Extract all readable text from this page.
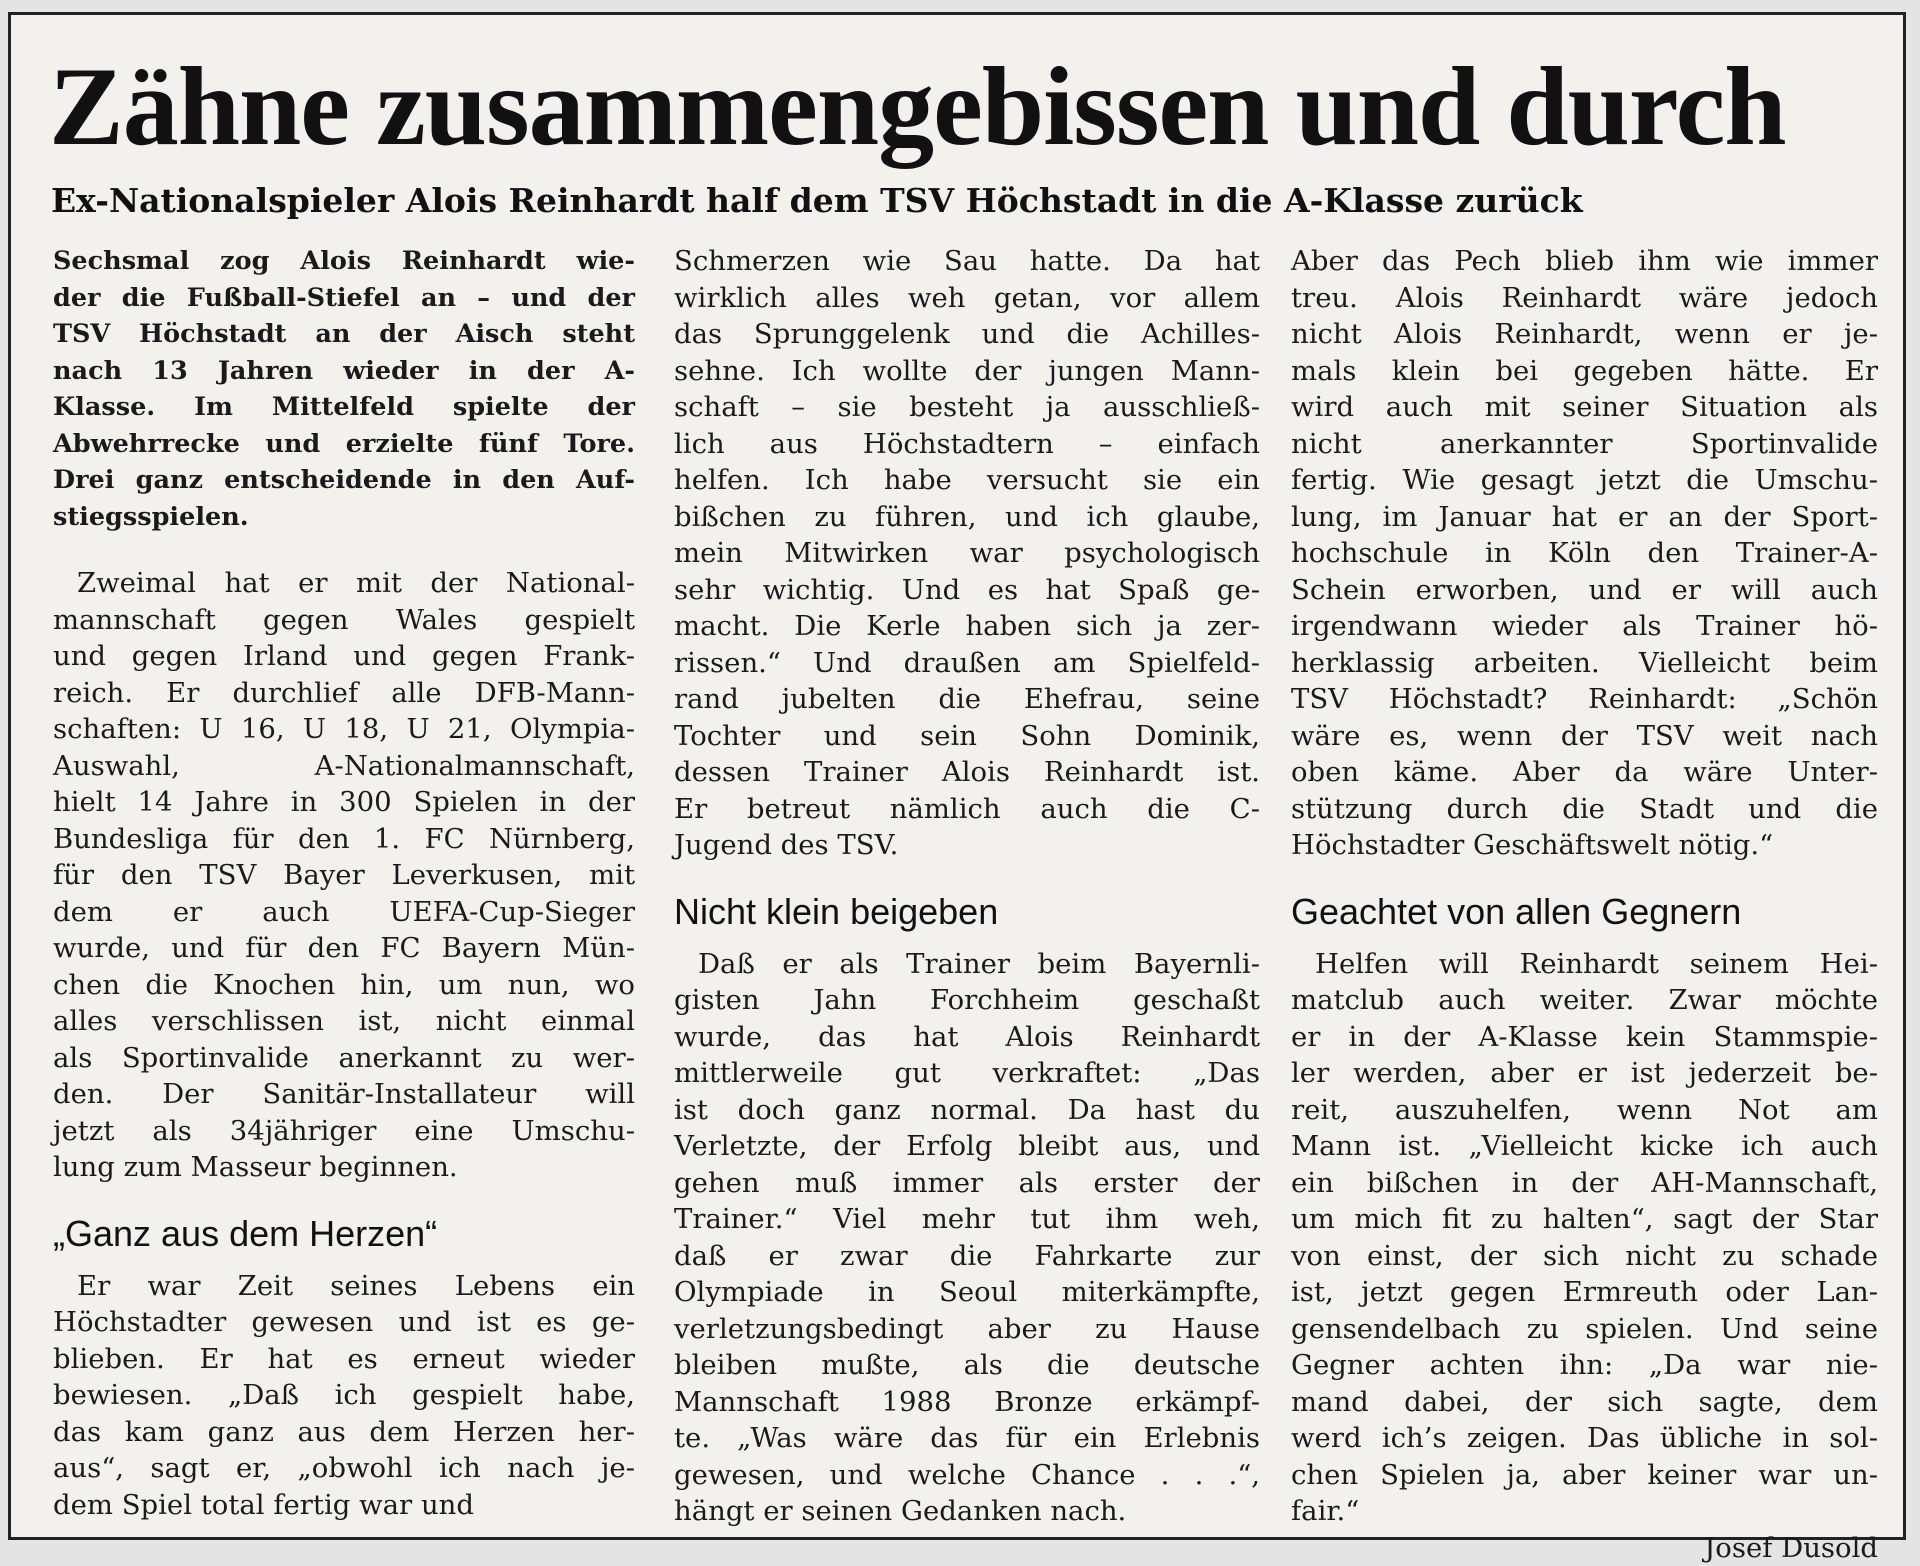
Zähne zusammengebissen und durch
Ex-Nationalspieler Alois Reinhardt half dem TSV Höchstadt in die A-Klasse zurück

Sechsmal zog Alois Reinhardt wie- der die Fußball-Stiefel an – und der TSV Höchstadt an der Aisch steht nach 13 Jahren wieder in der A- Klasse. Im Mittelfeld spielte der Abwehrrecke und erzielte fünf Tore. Drei ganz entscheidende in den Auf- stiegsspielen.

Zweimal hat er mit der National- mannschaft gegen Wales gespielt und gegen Irland und gegen Frank- reich. Er durchlief alle DFB-Mann- schaften: U 16, U 18, U 21, Olympia- Auswahl, A-Nationalmannschaft, hielt 14 Jahre in 300 Spielen in der Bundesliga für den 1. FC Nürnberg, für den TSV Bayer Leverkusen, mit dem er auch UEFA-Cup-Sieger wurde, und für den FC Bayern Mün- chen die Knochen hin, um nun, wo alles verschlissen ist, nicht einmal als Sportinvalide anerkannt zu wer- den. Der Sanitär-Installateur will jetzt als 34jähriger eine Umschu- lung zum Masseur beginnen.

„Ganz aus dem Herzen“

Er war Zeit seines Lebens ein Höchstadter gewesen und ist es ge- blieben. Er hat es erneut wieder bewiesen. „Daß ich gespielt habe, das kam ganz aus dem Herzen her- aus“, sagt er, „obwohl ich nach je- dem Spiel total fertig war und

Schmerzen wie Sau hatte. Da hat wirklich alles weh getan, vor allem das Sprunggelenk und die Achilles- sehne. Ich wollte der jungen Mann- schaft – sie besteht ja ausschließ- lich aus Höchstadtern – einfach helfen. Ich habe versucht sie ein bißchen zu führen, und ich glaube, mein Mitwirken war psychologisch sehr wichtig. Und es hat Spaß ge- macht. Die Kerle haben sich ja zer- rissen.“ Und draußen am Spielfeld- rand jubelten die Ehefrau, seine Tochter und sein Sohn Dominik, dessen Trainer Alois Reinhardt ist. Er betreut nämlich auch die C- Jugend des TSV.

Nicht klein beigeben

Daß er als Trainer beim Bayernli- gisten Jahn Forchheim geschaßt wurde, das hat Alois Reinhardt mittlerweile gut verkraftet: „Das ist doch ganz normal. Da hast du Verletzte, der Erfolg bleibt aus, und gehen muß immer als erster der Trainer.“ Viel mehr tut ihm weh, daß er zwar die Fahrkarte zur Olympiade in Seoul miterkämpfte, verletzungsbedingt aber zu Hause bleiben mußte, als die deutsche Mannschaft 1988 Bronze erkämpf- te. „Was wäre das für ein Erlebnis gewesen, und welche Chance . . .“, hängt er seinen Gedanken nach.

Aber das Pech blieb ihm wie immer treu. Alois Reinhardt wäre jedoch nicht Alois Reinhardt, wenn er je- mals klein bei gegeben hätte. Er wird auch mit seiner Situation als nicht anerkannter Sportinvalide fertig. Wie gesagt jetzt die Umschu- lung, im Januar hat er an der Sport- hochschule in Köln den Trainer-A- Schein erworben, und er will auch irgendwann wieder als Trainer hö- herklassig arbeiten. Vielleicht beim TSV Höchstadt? Reinhardt: „Schön wäre es, wenn der TSV weit nach oben käme. Aber da wäre Unter- stützung durch die Stadt und die Höchstadter Geschäftswelt nötig.“

Geachtet von allen Gegnern

Helfen will Reinhardt seinem Hei- matclub auch weiter. Zwar möchte er in der A-Klasse kein Stammspie- ler werden, aber er ist jederzeit be- reit, auszuhelfen, wenn Not am Mann ist. „Vielleicht kicke ich auch ein bißchen in der AH-Mannschaft, um mich fit zu halten“, sagt der Star von einst, der sich nicht zu schade ist, jetzt gegen Ermreuth oder Lan- gensendelbach zu spielen. Und seine Gegner achten ihn: „Da war nie- mand dabei, der sich sagte, dem werd ich’s zeigen. Das übliche in sol- chen Spielen ja, aber keiner war un- fair.“

Josef Dusold
